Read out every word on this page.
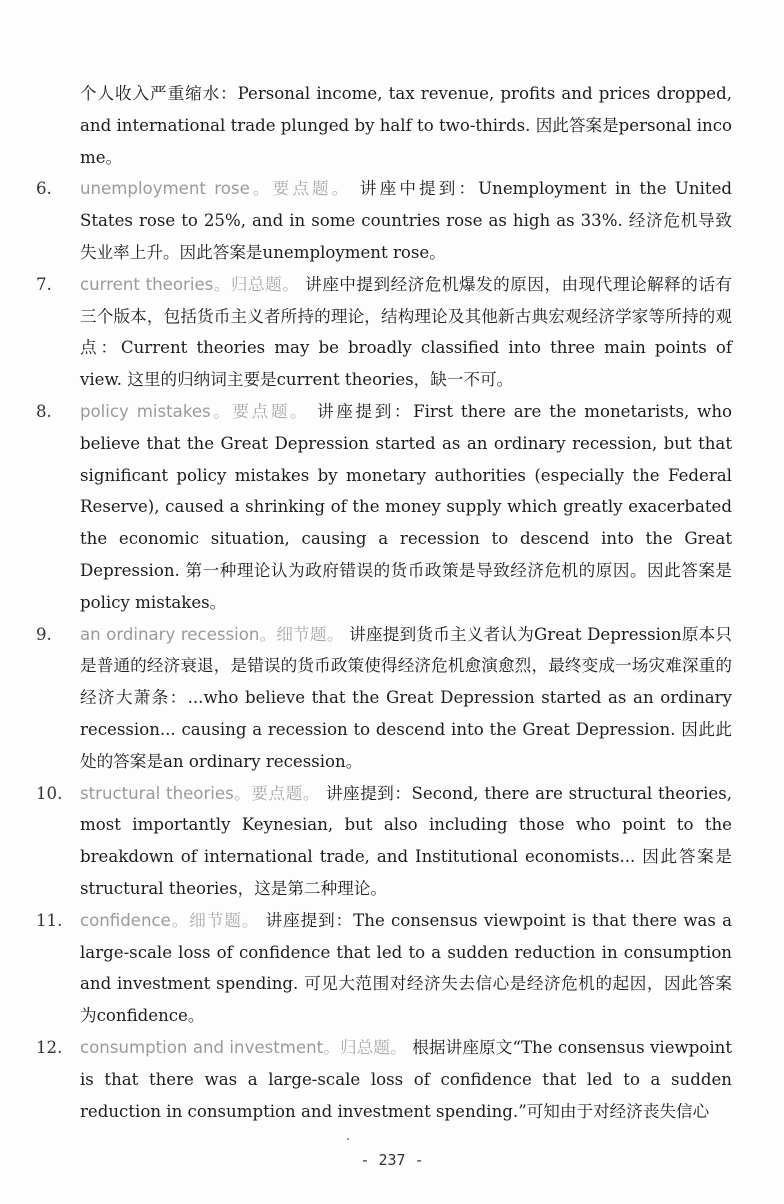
个人收入严重缩水：Personal income, tax revenue, profits and prices dropped, and international trade plunged by half to two-thirds. 因此答案是personal income。

6.	unemployment rose。要点题。 讲座中提到：Unemployment in the United States rose to 25%, and in some countries rose as high as 33%. 经济危机导致失业率上升。因此答案是unemployment rose。
7.	current theories。归总题。 讲座中提到经济危机爆发的原因，由现代理论解释的话有三个版本，包括货币主义者所持的理论，结构理论及其他新古典宏观经济学家等所持的观点：Current theories may be broadly classified into three main points of view. 这里的归纳词主要是current theories，缺一不可。
8.	policy mistakes。要点题。 讲座提到：First there are the monetarists, who believe that the Great Depression started as an ordinary recession, but that significant policy mistakes by monetary authorities (especially the Federal Reserve), caused a shrinking of the money supply which greatly exacerbated the economic situation, causing a recession to descend into the Great Depression. 第一种理论认为政府错误的货币政策是导致经济危机的原因。因此答案是policy mistakes。
9.	an ordinary recession。细节题。 讲座提到货币主义者认为Great Depression原本只是普通的经济衰退，是错误的货币政策使得经济危机愈演愈烈，最终变成一场灾难深重的经济大萧条：...who believe that the Great Depression started as an ordinary recession... causing a recession to descend into the Great Depression. 因此此处的答案是an ordinary recession。
10.	structural theories。要点题。 讲座提到：Second, there are structural theories, most importantly Keynesian, but also including those who point to the breakdown of international trade, and Institutional economists... 因此答案是structural theories，这是第二种理论。
11.	confidence。细节题。 讲座提到：The consensus viewpoint is that there was a large-scale loss of confidence that led to a sudden reduction in consumption and investment spending. 可见大范围对经济失去信心是经济危机的起因，因此答案为confidence。
12.	consumption and investment。归总题。 根据讲座原文“The consensus viewpoint is that there was a large-scale loss of confidence that led to a sudden reduction in consumption and investment spending.”可知由于对经济丧失信心
- 237 -
